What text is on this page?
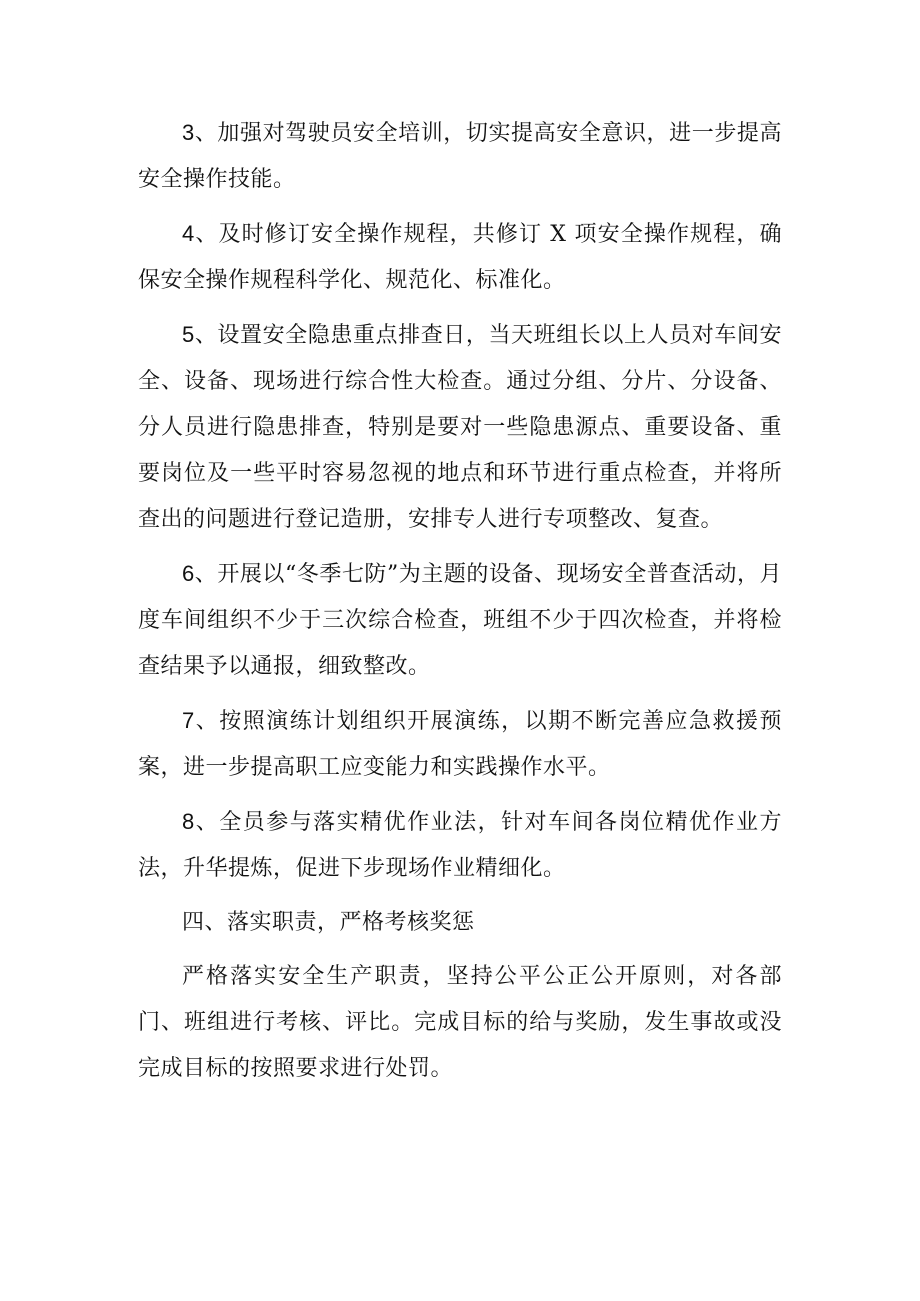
3、加强对驾驶员安全培训，切实提高安全意识，进一步提高安全操作技能。

4、及时修订安全操作规程，共修订 X 项安全操作规程，确保安全操作规程科学化、规范化、标准化。

5、设置安全隐患重点排查日，当天班组长以上人员对车间安全、设备、现场进行综合性大检查。通过分组、分片、分设备、分人员进行隐患排查，特别是要对一些隐患源点、重要设备、重要岗位及一些平时容易忽视的地点和环节进行重点检查，并将所查出的问题进行登记造册，安排专人进行专项整改、复查。

6、开展以“冬季七防”为主题的设备、现场安全普查活动，月度车间组织不少于三次综合检查，班组不少于四次检查，并将检查结果予以通报，细致整改。

7、按照演练计划组织开展演练，以期不断完善应急救援预案，进一步提高职工应变能力和实践操作水平。

8、全员参与落实精优作业法，针对车间各岗位精优作业方法，升华提炼，促进下步现场作业精细化。

四、落实职责，严格考核奖惩

严格落实安全生产职责，坚持公平公正公开原则，对各部门、班组进行考核、评比。完成目标的给与奖励，发生事故或没完成目标的按照要求进行处罚。
